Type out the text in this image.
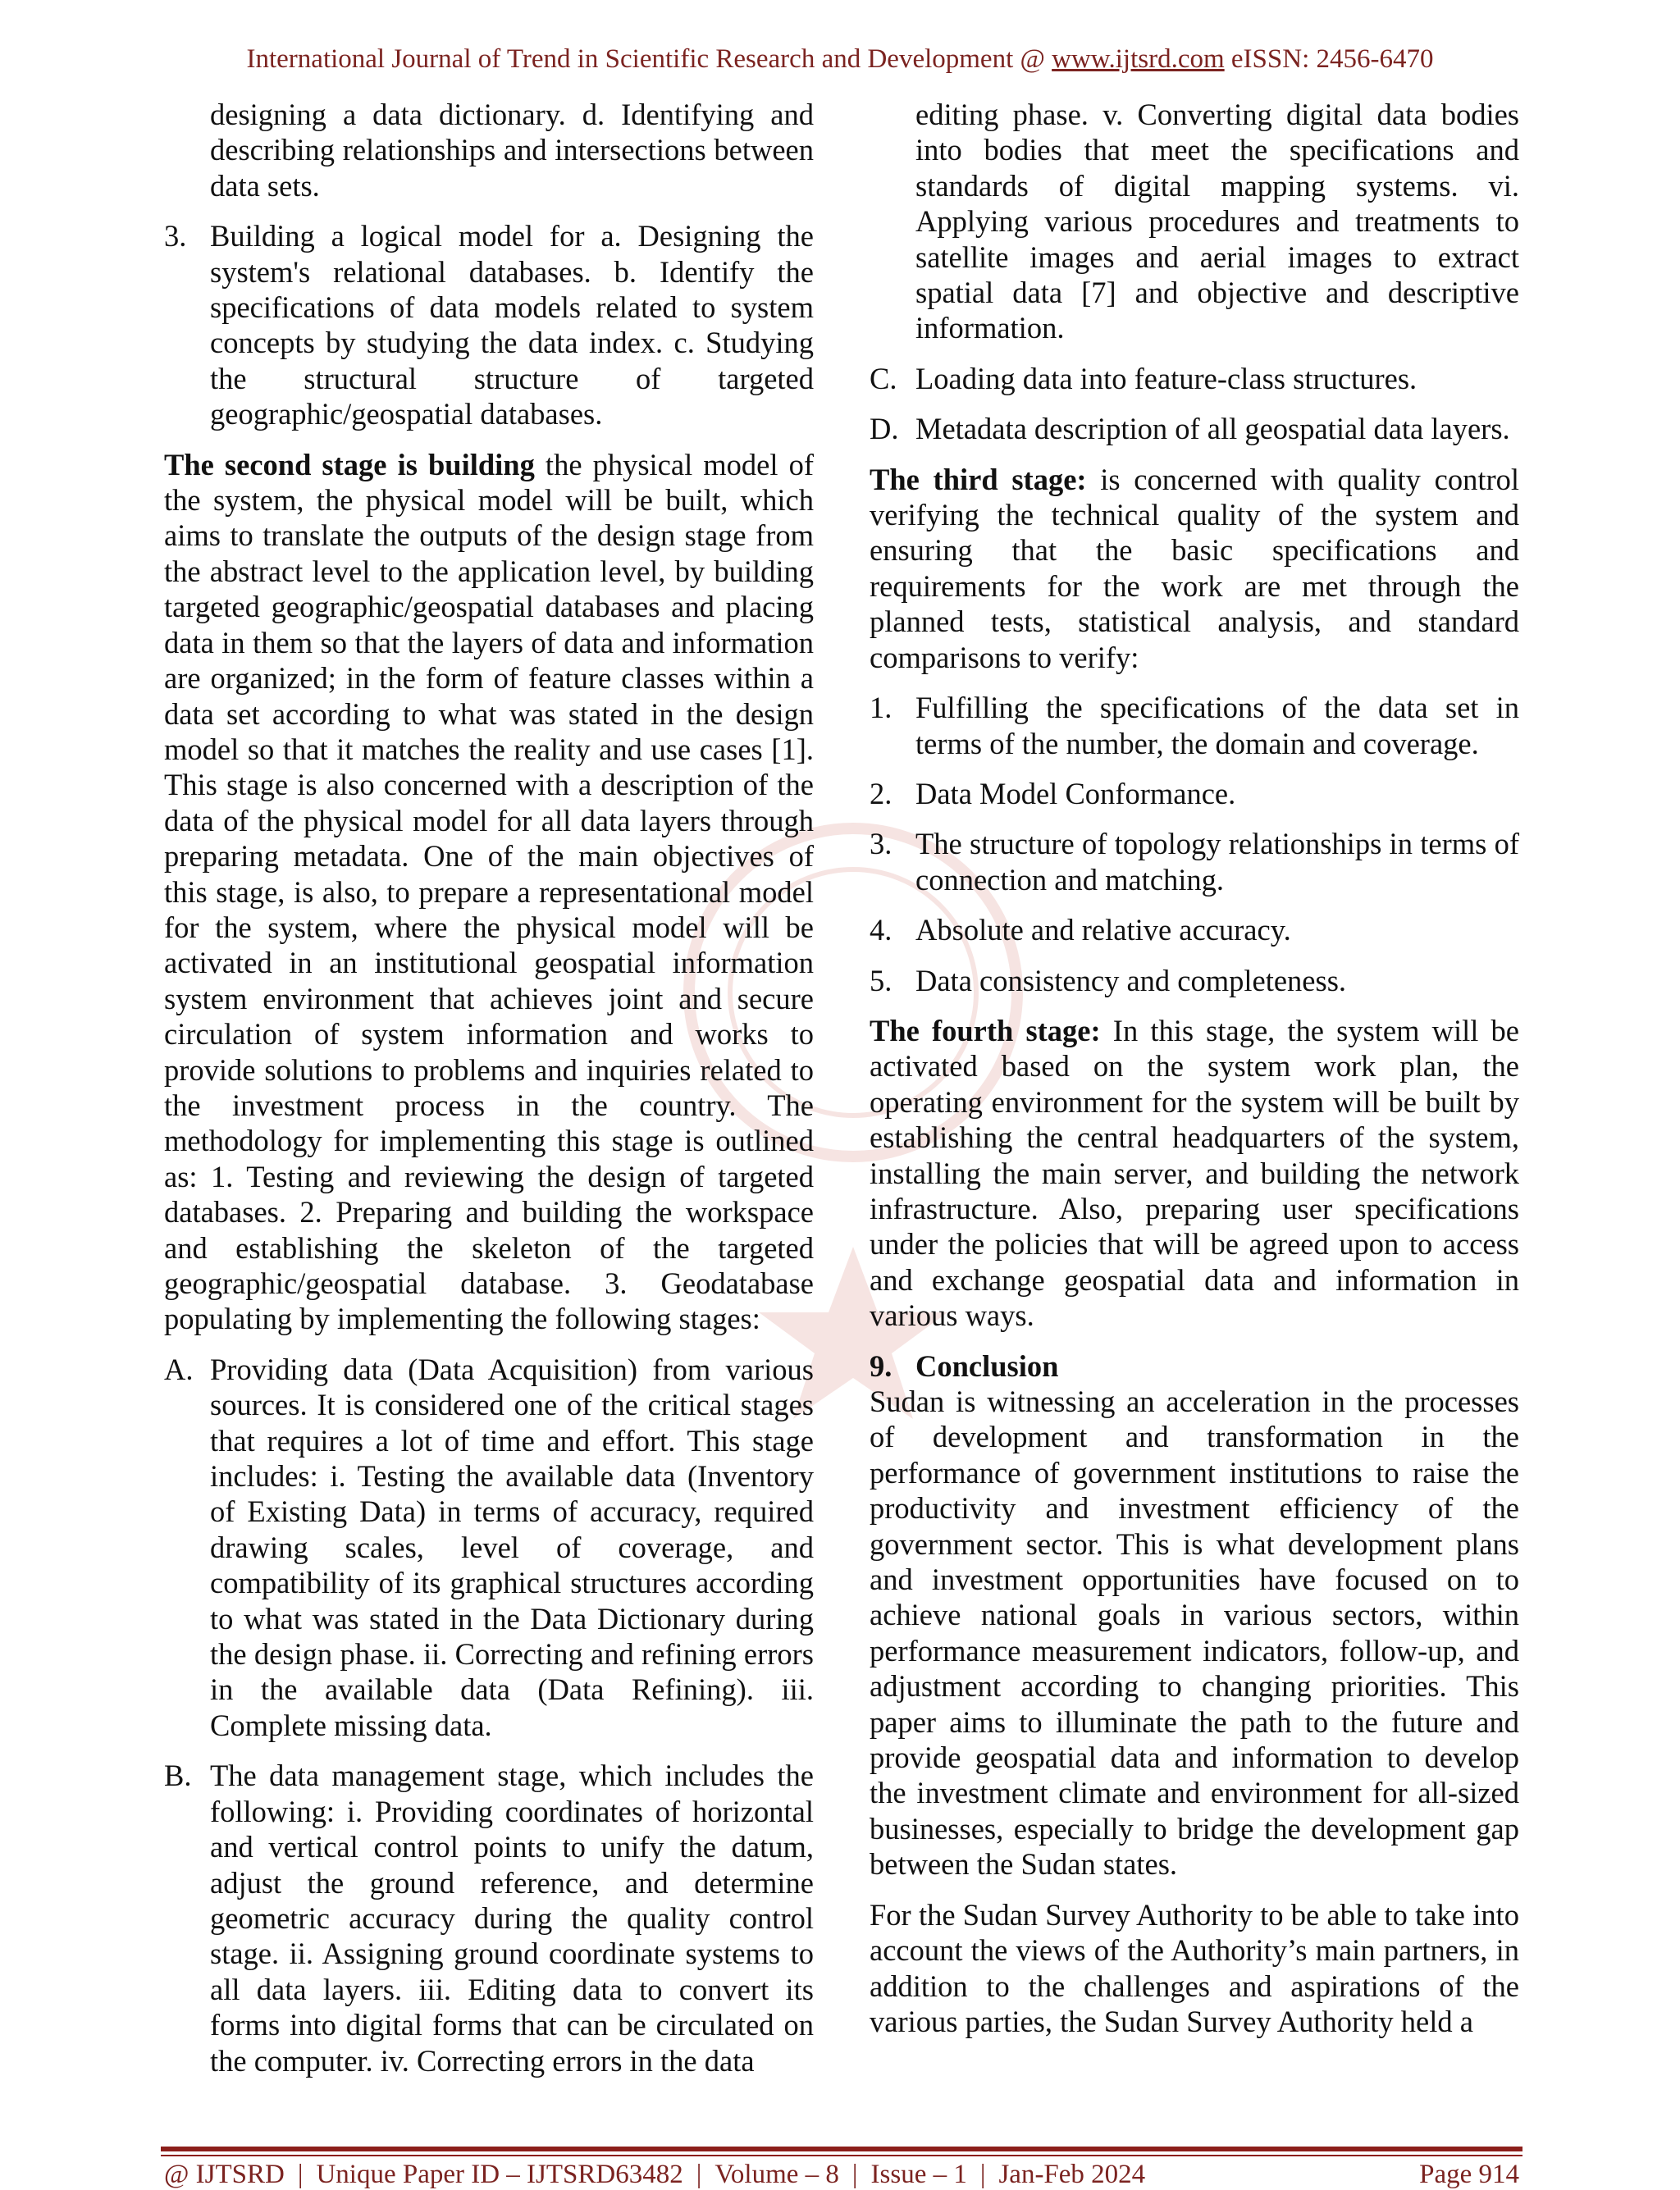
International Journal of Trend in Scientific Research and Development @ www.ijtsrd.com eISSN: 2456-6470
designing a data dictionary. d. Identifying and describing relationships and intersections between data sets.
3. Building a logical model for a. Designing the system's relational databases. b. Identify the specifications of data models related to system concepts by studying the data index. c. Studying the structural structure of targeted geographic/geospatial databases.

The second stage is building the physical model of the system, the physical model will be built, which aims to translate the outputs of the design stage from the abstract level to the application level, by building targeted geographic/geospatial databases and placing data in them so that the layers of data and information are organized; in the form of feature classes within a data set according to what was stated in the design model so that it matches the reality and use cases [1]. This stage is also concerned with a description of the data of the physical model for all data layers through preparing metadata. One of the main objectives of this stage, is also, to prepare a representational model for the system, where the physical model will be activated in an institutional geospatial information system environment that achieves joint and secure circulation of system information and works to provide solutions to problems and inquiries related to the investment process in the country. The methodology for implementing this stage is outlined as: 1. Testing and reviewing the design of targeted databases. 2. Preparing and building the workspace and establishing the skeleton of the targeted geographic/geospatial database. 3. Geodatabase populating by implementing the following stages:

A. Providing data (Data Acquisition) from various sources. It is considered one of the critical stages that requires a lot of time and effort. This stage includes: i. Testing the available data (Inventory of Existing Data) in terms of accuracy, required drawing scales, level of coverage, and compatibility of its graphical structures according to what was stated in the Data Dictionary during the design phase. ii. Correcting and refining errors in the available data (Data Refining). iii. Complete missing data.
B. The data management stage, which includes the following: i. Providing coordinates of horizontal and vertical control points to unify the datum, adjust the ground reference, and determine geometric accuracy during the quality control stage. ii. Assigning ground coordinate systems to all data layers. iii. Editing data to convert its forms into digital forms that can be circulated on the computer. iv. Correcting errors in the data
editing phase. v. Converting digital data bodies into bodies that meet the specifications and standards of digital mapping systems. vi. Applying various procedures and treatments to satellite images and aerial images to extract spatial data [7] and objective and descriptive information.
C. Loading data into feature-class structures.
D. Metadata description of all geospatial data layers.

The third stage: is concerned with quality control verifying the technical quality of the system and ensuring that the basic specifications and requirements for the work are met through the planned tests, statistical analysis, and standard comparisons to verify:

1. Fulfilling the specifications of the data set in terms of the number, the domain and coverage.
2. Data Model Conformance.
3. The structure of topology relationships in terms of connection and matching.
4. Absolute and relative accuracy.
5. Data consistency and completeness.

The fourth stage: In this stage, the system will be activated based on the system work plan, the operating environment for the system will be built by establishing the central headquarters of the system, installing the main server, and building the network infrastructure. Also, preparing user specifications under the policies that will be agreed upon to access and exchange geospatial data and information in various ways.

9. Conclusion

Sudan is witnessing an acceleration in the processes of development and transformation in the performance of government institutions to raise the productivity and investment efficiency of the government sector. This is what development plans and investment opportunities have focused on to achieve national goals in various sectors, within performance measurement indicators, follow-up, and adjustment according to changing priorities. This paper aims to illuminate the path to the future and provide geospatial data and information to develop the investment climate and environment for all-sized businesses, especially to bridge the development gap between the Sudan states.

For the Sudan Survey Authority to be able to take into account the views of the Authority’s main partners, in addition to the challenges and aspirations of the various parties, the Sudan Survey Authority held a

@ IJTSRD | Unique Paper ID – IJTSRD63482 | Volume – 8 | Issue – 1 | Jan-Feb 2024	Page 914
